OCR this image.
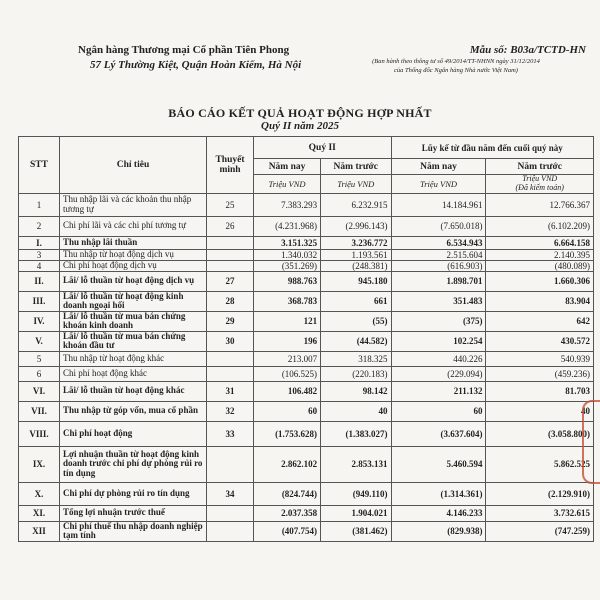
Ngân hàng Thương mại Cổ phần Tiên Phong
57 Lý Thường Kiệt, Quận Hoàn Kiếm, Hà Nội
Mẫu số: B03a/TCTD-HN
(Ban hành theo thông tư số 49/2014/TT-NHNN ngày 31/12/2014
của Thống đốc Ngân hàng Nhà nước Việt Nam)
BÁO CÁO KẾT QUẢ HOẠT ĐỘNG HỢP NHẤT
Quý II năm 2025
STT	Chỉ tiêu	Thuyết minh	Quý II		Lũy kế từ đầu năm đến cuối quý này	
			Năm nay	Năm trước	Năm nay	Năm trước
			Triệu VND	Triệu VND	Triệu VND	Triệu VND
(Đã kiểm toán)

1	Thu nhập lãi và các khoản thu nhập tương tự	25	7.383.293	6.232.915	14.184.961	12.766.367
2	Chi phí lãi và các chi phí tương tự	26	(4.231.968)	(2.996.143)	(7.650.018)	(6.102.209)
I.	Thu nhập lãi thuần		3.151.325	3.236.772	6.534.943	6.664.158
3	Thu nhập từ hoạt động dịch vụ		1.340.032	1.193.561	2.515.604	2.140.395
4	Chi phí hoạt động dịch vụ		(351.269)	(248.381)	(616.903)	(480.089)
II.	Lãi/ lỗ thuần từ hoạt động dịch vụ	27	988.763	945.180	1.898.701	1.660.306
III.	Lãi/ lỗ thuần từ hoạt động kinh doanh ngoại hối	28	368.783	661	351.483	83.904
IV.	Lãi/ lỗ thuần từ mua bán chứng khoán kinh doanh	29	121	(55)	(375)	642
V.	Lãi/ lỗ thuần từ mua bán chứng khoán đầu tư	30	196	(44.582)	102.254	430.572
5	Thu nhập từ hoạt động khác		213.007	318.325	440.226	540.939
6	Chi phí hoạt động khác		(106.525)	(220.183)	(229.094)	(459.236)
VI.	Lãi/ lỗ thuần từ hoạt động khác	31	106.482	98.142	211.132	81.703
VII.	Thu nhập từ góp vốn, mua cổ phần	32	60	40	60	40
VIII.	Chi phí hoạt động	33	(1.753.628)	(1.383.027)	(3.637.604)	(3.058.800)
IX.	Lợi nhuận thuần từ hoạt động kinh doanh trước chi phí dự phòng rủi ro tín dụng		2.862.102	2.853.131	5.460.594	5.862.525
X.	Chi phí dự phòng rủi ro tín dụng	34	(824.744)	(949.110)	(1.314.361)	(2.129.910)
XI.	Tổng lợi nhuận trước thuế		2.037.358	1.904.021	4.146.233	3.732.615
XII	Chi phí thuế thu nhập doanh nghiệp tạm tính		(407.754)	(381.462)	(829.938)	(747.259)
